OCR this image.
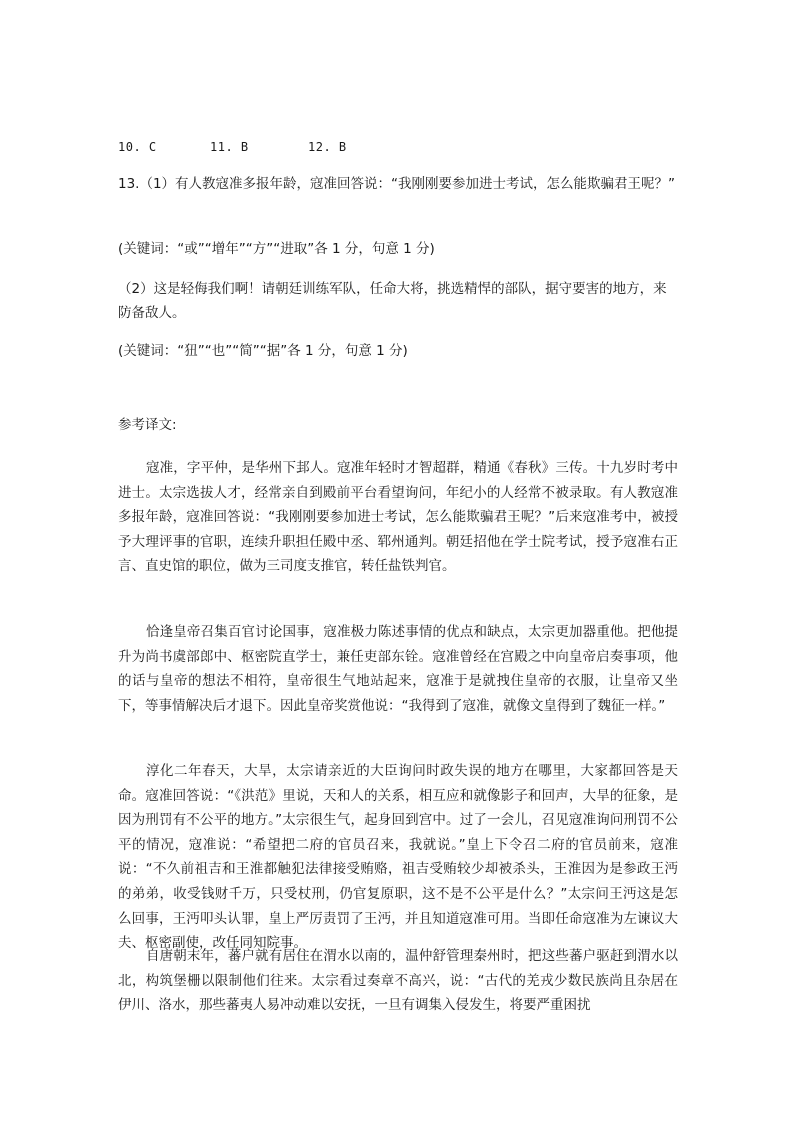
10. C	11. B	12. B
13.（1）有人教寇准多报年龄，寇准回答说：“我刚刚要参加进士考试，怎么能欺骗君王呢？”
(关键词：“或”“增年”“方”“进取”各 1 分，句意 1 分)
（2）这是轻侮我们啊！请朝廷训练军队，任命大将，挑选精悍的部队，据守要害的地方，来防备敌人。
(关键词：“狃”“也”“简”“据”各 1 分，句意 1 分)
参考译文:

寇准，字平仲，是华州下邽人。寇准年轻时才智超群，精通《春秋》三传。十九岁时考中进士。太宗选拔人才，经常亲自到殿前平台看望询问，年纪小的人经常不被录取。有人教寇准多报年龄，寇准回答说：“我刚刚要参加进士考试，怎么能欺骗君王呢？”后来寇准考中，被授予大理评事的官职，连续升职担任殿中丞、郓州通判。朝廷招他在学士院考试，授予寇准右正言、直史馆的职位，做为三司度支推官，转任盐铁判官。

恰逢皇帝召集百官讨论国事，寇准极力陈述事情的优点和缺点，太宗更加器重他。把他提升为尚书虞部郎中、枢密院直学士，兼任吏部东铨。寇准曾经在宫殿之中向皇帝启奏事项，他的话与皇帝的想法不相符，皇帝很生气地站起来，寇准于是就拽住皇帝的衣服，让皇帝又坐下，等事情解决后才退下。因此皇帝奖赏他说：“我得到了寇准，就像文皇得到了魏征一样。”

淳化二年春天，大旱，太宗请亲近的大臣询问时政失误的地方在哪里，大家都回答是天命。寇准回答说：“《洪范》里说，天和人的关系，相互应和就像影子和回声，大旱的征象，是因为刑罚有不公平的地方。”太宗很生气，起身回到宫中。过了一会儿，召见寇准询问刑罚不公平的情况，寇准说：“希望把二府的官员召来，我就说。”皇上下令召二府的官员前来，寇准说：“不久前祖吉和王淮都触犯法律接受贿赂，祖吉受贿较少却被杀头，王淮因为是参政王沔的弟弟，收受钱财千万，只受杖刑，仍官复原职，这不是不公平是什么？”太宗问王沔这是怎么回事，王沔叩头认罪，皇上严厉责罚了王沔，并且知道寇准可用。当即任命寇准为左谏议大夫、枢密副使，改任同知院事。

自唐朝末年，蕃户就有居住在渭水以南的，温仲舒管理秦州时，把这些蕃户驱赶到渭水以北，构筑堡栅以限制他们往来。太宗看过奏章不高兴，说：“古代的羌戎少数民族尚且杂居在伊川、洛水，那些蕃夷人易冲动难以安抚，一旦有调集入侵发生，将要严重困扰
